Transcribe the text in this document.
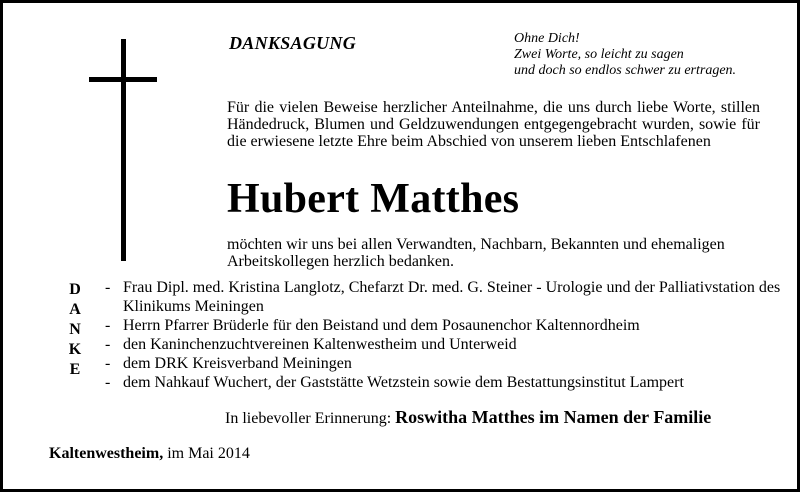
DANKSAGUNG	Ohne Dich!
Zwei Worte, so leicht zu sagen
und doch so endlos schwer zu ertragen.
Für die vielen Beweise herzlicher Anteilnahme, die uns durch liebe Worte, stillen Händedruck, Blumen und Geldzuwendungen entgegengebracht wurden, sowie für die erwiesene letzte Ehre beim Abschied von unserem lieben Entschlafenen
Hubert Matthes
möchten wir uns bei allen Verwandten, Nachbarn, Bekannten und ehemaligen Arbeitskollegen herzlich bedanken.
D
A
N
K
E
- Frau Dipl. med. Kristina Langlotz, Chefarzt Dr. med. G. Steiner - Urologie und der Palliativstation des Klinikums Meiningen
- Herrn Pfarrer Brüderle für den Beistand und dem Posaunenchor Kaltennordheim
- den Kaninchenzuchtvereinen Kaltenwestheim und Unterweid
- dem DRK Kreisverband Meiningen
- dem Nahkauf Wuchert, der Gaststätte Wetzstein sowie dem Bestattungsinstitut Lampert
In liebevoller Erinnerung: Roswitha Matthes im Namen der Familie
Kaltenwestheim, im Mai 2014
